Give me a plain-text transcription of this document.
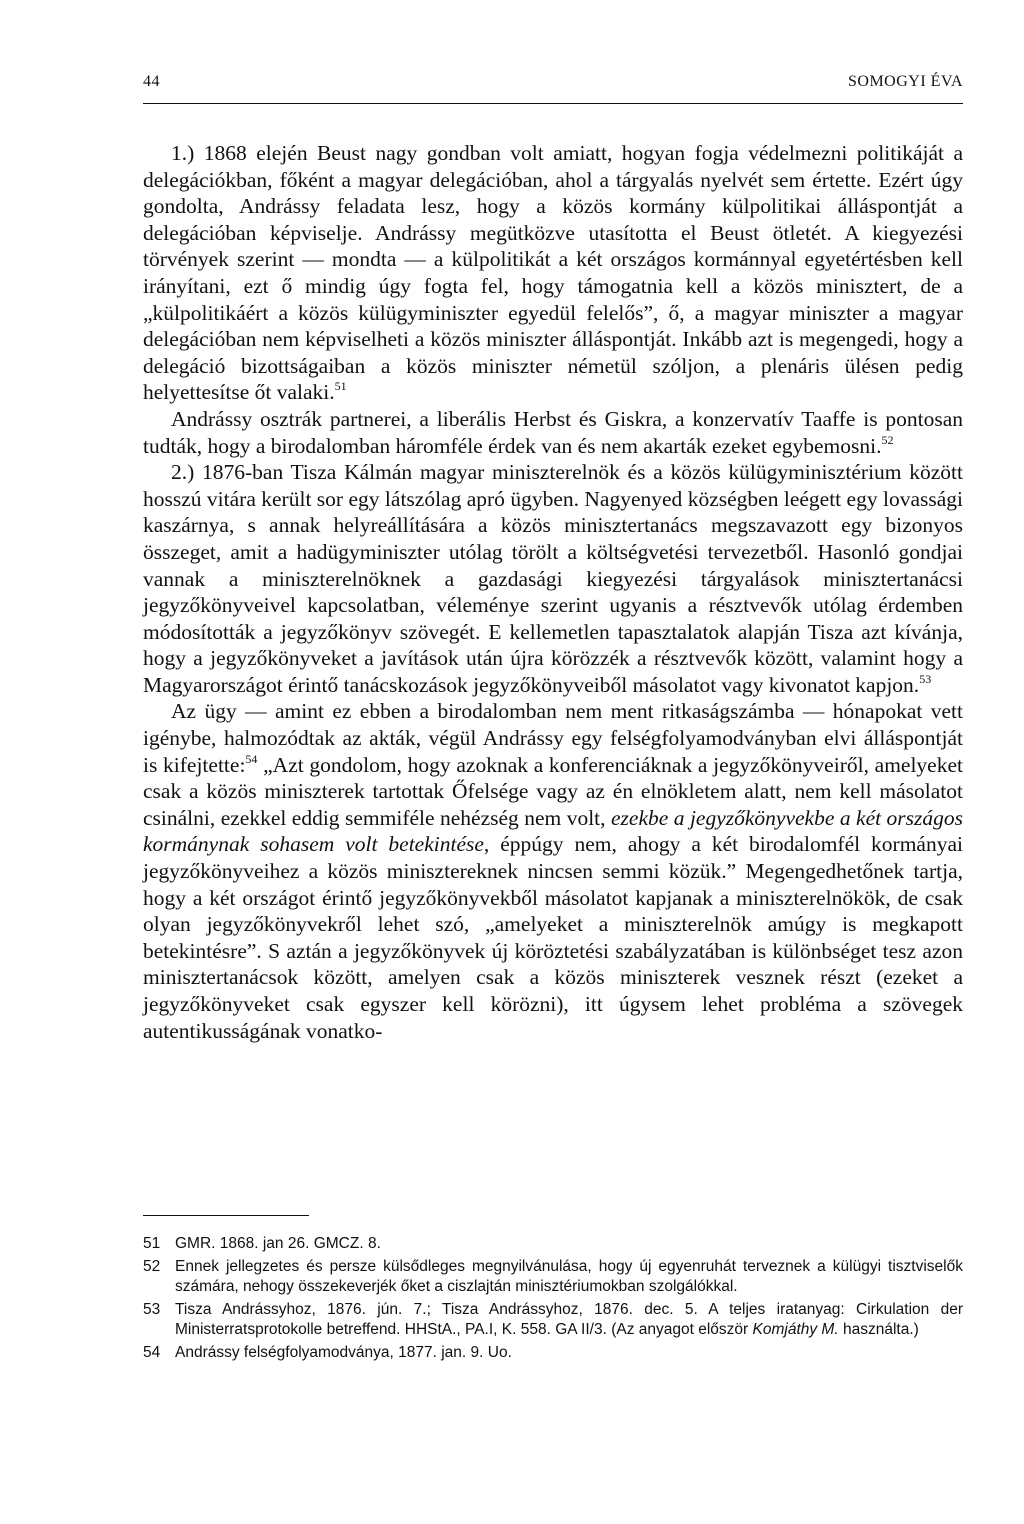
44	SOMOGYI ÉVA

1.) 1868 elején Beust nagy gondban volt amiatt, hogyan fogja védelmezni politikáját a delegációkban, főként a magyar delegációban, ahol a tárgyalás nyelvét sem értette. Ezért úgy gondolta, Andrássy feladata lesz, hogy a közös kormány külpolitikai álláspontját a delegációban képviselje. Andrássy megütközve utasította el Beust ötletét. A kiegyezési törvények szerint — mondta — a külpolitikát a két országos kormánnyal egyetértésben kell irányítani, ezt ő mindig úgy fogta fel, hogy támogatnia kell a közös minisztert, de a „külpolitikáért a közös külügyminiszter egyedül felelős”, ő, a magyar miniszter a magyar delegációban nem képviselheti a közös miniszter álláspontját. Inkább azt is megengedi, hogy a delegáció bizottságaiban a közös miniszter németül szóljon, a plenáris ülésen pedig helyettesítse őt valaki.$^{51}$

Andrássy osztrák partnerei, a liberális Herbst és Giskra, a konzervatív Taaffe is pontosan tudták, hogy a birodalomban háromféle érdek van és nem akarták ezeket egybemosni.$^{52}$

2.) 1876-ban Tisza Kálmán magyar miniszterelnök és a közös külügyminisztérium között hosszú vitára került sor egy látszólag apró ügyben. Nagyenyed községben leégett egy lovassági kaszárnya, s annak helyreállítására a közös minisztertanács megszavazott egy bizonyos összeget, amit a hadügyminiszter utólag törölt a költségvetési tervezetből. Hasonló gondjai vannak a miniszterelnöknek a gazdasági kiegyezési tárgyalások minisztertanácsi jegyzőkönyveivel kapcsolatban, véleménye szerint ugyanis a résztvevők utólag érdemben módosították a jegyzőkönyv szövegét. E kellemetlen tapasztalatok alapján Tisza azt kívánja, hogy a jegyzőkönyveket a javítások után újra körözzék a résztvevők között, valamint hogy a Magyarországot érintő tanácskozások jegyzőkönyveiből másolatot vagy kivonatot kapjon.$^{53}$

Az ügy — amint ez ebben a birodalomban nem ment ritkaságszámba — hónapokat vett igénybe, halmozódtak az akták, végül Andrássy egy felségfolyamodványban elvi álláspontját is kifejtette:$^{54}$ „Azt gondolom, hogy azoknak a konferenciáknak a jegyzőkönyveiről, amelyeket csak a közös miniszterek tartottak Őfelsége vagy az én elnökletem alatt, nem kell másolatot csinálni, ezekkel eddig semmiféle nehézség nem volt, ezekbe a jegyzőkönyvekbe a két országos kormánynak sohasem volt betekintése, éppúgy nem, ahogy a két birodalomfél kormányai jegyzőkönyveihez a közös minisztereknek nincsen semmi közük.” Megengedhetőnek tartja, hogy a két országot érintő jegyzőkönyvekből másolatot kapjanak a miniszterelnökök, de csak olyan jegyzőkönyvekről lehet szó, „amelyeket a miniszterelnök amúgy is megkapott betekintésre”. S aztán a jegyzőkönyvek új köröztetési szabályzatában is különbséget tesz azon minisztertanácsok között, amelyen csak a közös miniszterek vesznek részt (ezeket a jegyzőkönyveket csak egyszer kell körözni), itt úgysem lehet probléma a szövegek autentikusságának vonatko-

51 GMR. 1868. jan 26. GMCZ. 8.
52 Ennek jellegzetes és persze külsődleges megnyilvánulása, hogy új egyenruhát terveznek a külügyi tisztviselők számára, nehogy összekeverjék őket a ciszlajtán minisztériumokban szolgálókkal.
53 Tisza Andrássyhoz, 1876. jún. 7.; Tisza Andrássyhoz, 1876. dec. 5. A teljes iratanyag: Cirkulation der Ministerratsprotokolle betreffend. HHStA., PA.I, K. 558. GA II/3. (Az anyagot először Komjáthy M. használta.)
54 Andrássy felségfolyamodványa, 1877. jan. 9. Uo.
